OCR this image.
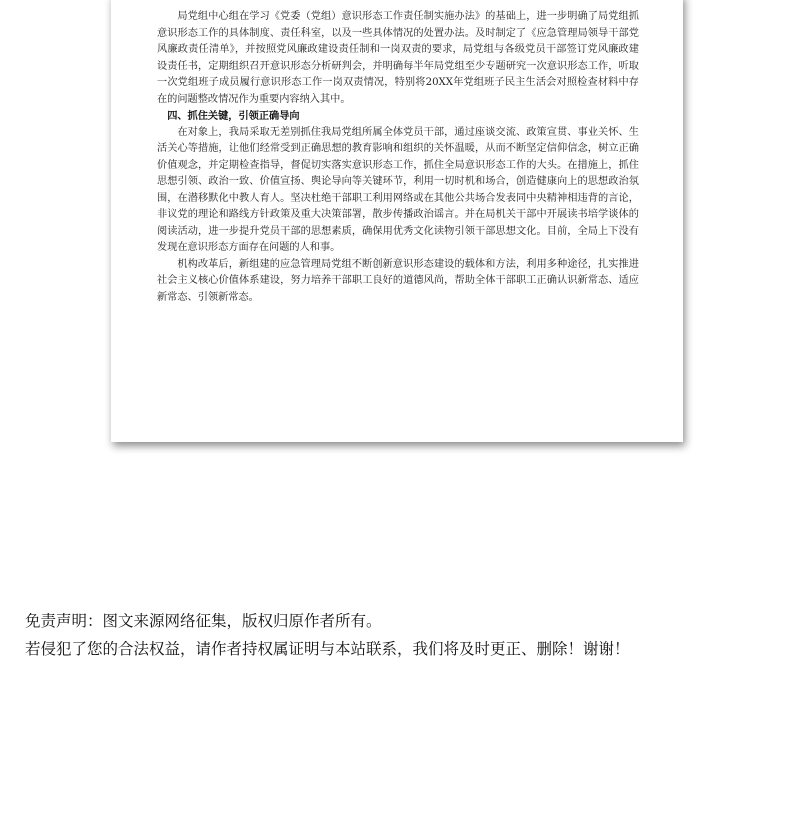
局党组中心组在学习《党委（党组）意识形态工作责任制实施办法》的基础上，进一步明确了局党组抓意识形态工作的具体制度、责任科室，以及一些具体情况的处置办法。及时制定了《应急管理局领导干部党风廉政责任清单》，并按照党风廉政建设责任制和一岗双责的要求，局党组与各级党员干部签订党风廉政建设责任书，定期组织召开意识形态分析研判会，并明确每半年局党组至少专题研究一次意识形态工作，听取一次党组班子成员履行意识形态工作一岗双责情况，特别将20XX年党组班子民主生活会对照检查材料中存在的问题整改情况作为重要内容纳入其中。

四、抓住关键，引领正确导向

在对象上，我局采取无差别抓住我局党组所属全体党员干部，通过座谈交流、政策宣贯、事业关怀、生活关心等措施，让他们经常受到正确思想的教育影响和组织的关怀温暖，从而不断坚定信仰信念，树立正确价值观念，并定期检查指导，督促切实落实意识形态工作，抓住全局意识形态工作的大头。在措施上，抓住思想引领、政治一致、价值宣扬、舆论导向等关键环节，利用一切时机和场合，创造健康向上的思想政治氛围，在潜移默化中教人育人。坚决杜绝干部职工利用网络或在其他公共场合发表同中央精神相违背的言论，非议党的理论和路线方针政策及重大决策部署，散步传播政治谣言。并在局机关干部中开展读书培学谈体的阅读活动，进一步提升党员干部的思想素质，确保用优秀文化读物引领干部思想文化。目前，全局上下没有发现在意识形态方面存在问题的人和事。

机构改革后，新组建的应急管理局党组不断创新意识形态建设的载体和方法，利用多种途径，扎实推进社会主义核心价值体系建设，努力培养干部职工良好的道德风尚，帮助全体干部职工正确认识新常态、适应新常态、引领新常态。

免责声明：图文来源网络征集，版权归原作者所有。

若侵犯了您的合法权益，请作者持权属证明与本站联系，我们将及时更正、删除！谢谢！
